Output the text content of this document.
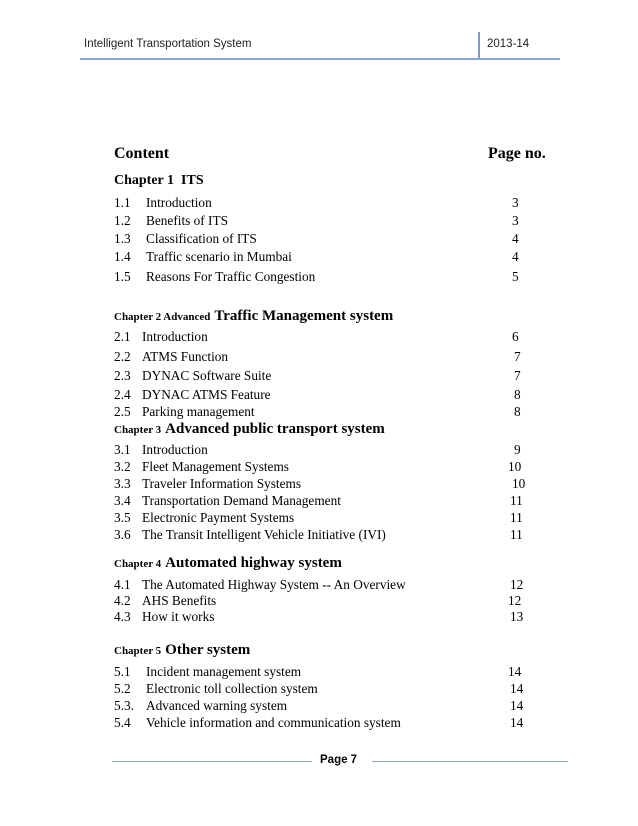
Intelligent Transportation System	2013-14
Content	Page no.
Chapter 1 ITS
1.1 Introduction	3
1.2 Benefits of ITS	3
1.3 Classification of ITS	4
1.4 Traffic scenario in Mumbai	4
1.5 Reasons For Traffic Congestion	5
Chapter 2 Advanced Traffic Management system
2.1 Introduction	6
2.2 ATMS Function	7
2.3 DYNAC Software Suite	7
2.4 DYNAC ATMS Feature	8
2.5 Parking management	8
Chapter 3 Advanced public transport system
3.1 Introduction	9
3.2 Fleet Management Systems	10
3.3 Traveler Information Systems	10
3.4 Transportation Demand Management	11
3.5 Electronic Payment Systems	11
3.6 The Transit Intelligent Vehicle Initiative (IVI)	11
Chapter 4 Automated highway system
4.1 The Automated Highway System -- An Overview	12
4.2 AHS Benefits	12
4.3 How it works	13
Chapter 5 Other system
5.1 Incident management system	14
5.2 Electronic toll collection system	14
5.3. Advanced warning system	14
5.4 Vehicle information and communication system	14
Page 7
